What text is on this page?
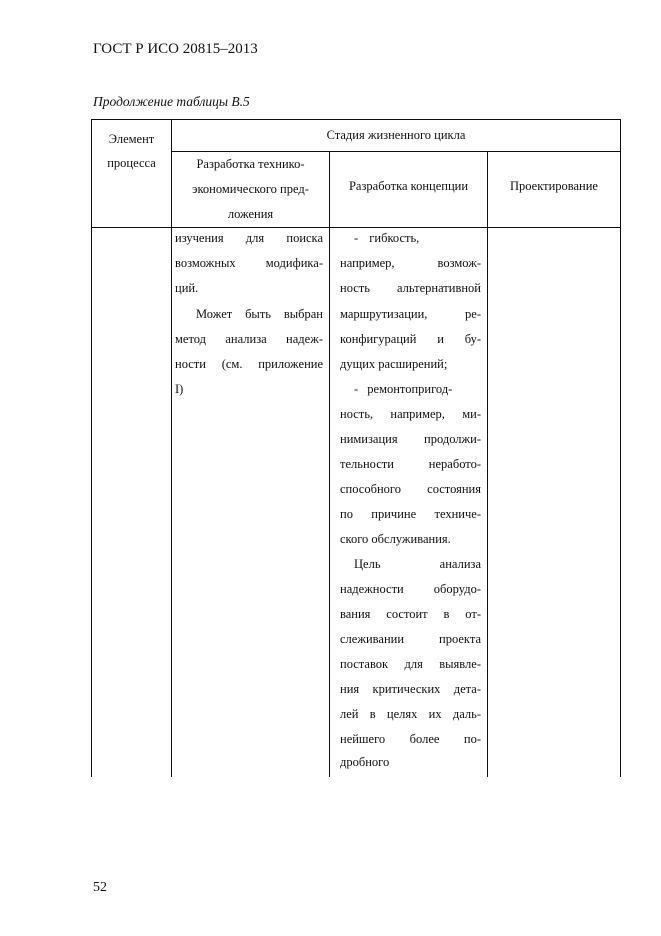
ГОСТ Р ИСО 20815–2013
Продолжение таблицы В.5
Элемент
процесса
Стадия жизненного цикла
Разработка технико-
экономического пред-
ложения
Разработка концепции	Проектирование
изучения для поиска
возможных модифика-
ций.
Может быть выбран
метод анализа надеж-
ности (см. приложение
I)
- гибкость,
например, возмож-
ность альтернативной
маршрутизации, ре-
конфигураций и бу-
дущих расширений;
- ремонтопригод-
ность, например, ми-
нимизация продолжи-
тельности неработо-
способного состояния
по причине техниче-
ского обслуживания.
Цель анализа
надежности оборудо-
вания состоит в от-
слеживании проекта
поставок для выявле-
ния критических дета-
лей в целях их даль-
нейшего более по-
дробного
52
